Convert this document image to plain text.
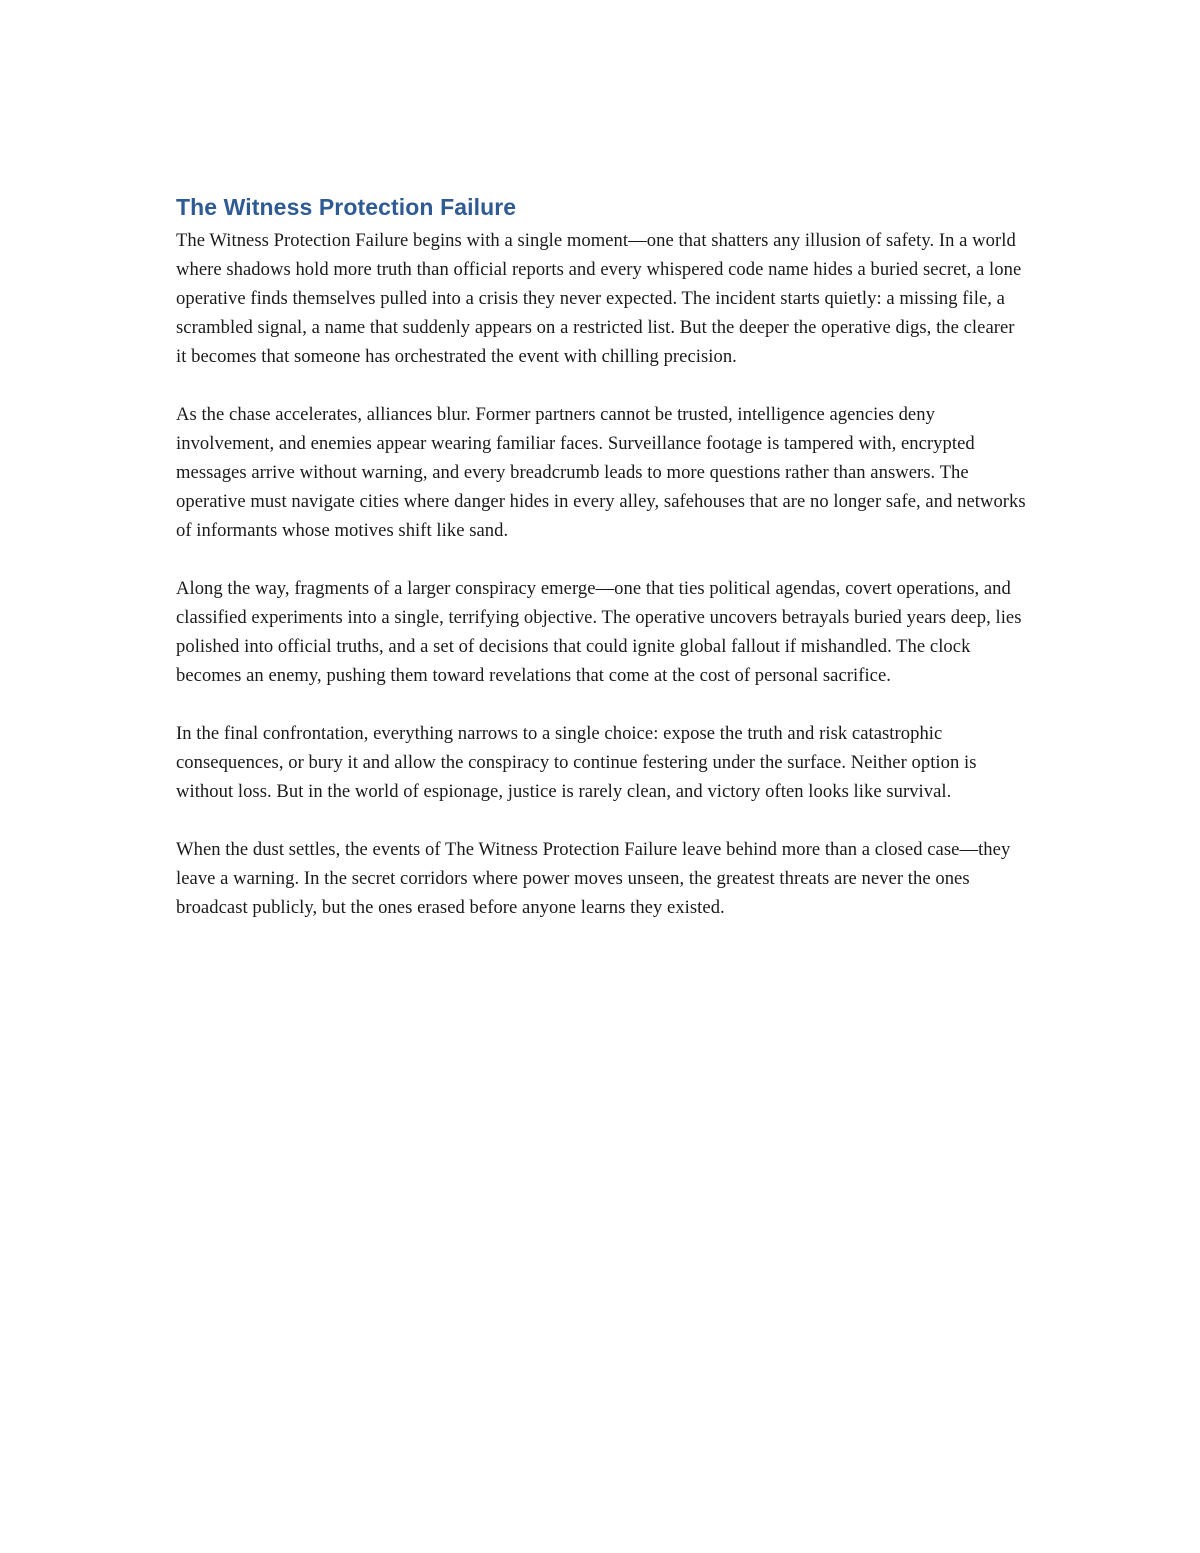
The Witness Protection Failure

The Witness Protection Failure begins with a single moment—one that shatters any illusion of safety. In a world where shadows hold more truth than official reports and every whispered code name hides a buried secret, a lone operative finds themselves pulled into a crisis they never expected. The incident starts quietly: a missing file, a scrambled signal, a name that suddenly appears on a restricted list. But the deeper the operative digs, the clearer it becomes that someone has orchestrated the event with chilling precision.

As the chase accelerates, alliances blur. Former partners cannot be trusted, intelligence agencies deny involvement, and enemies appear wearing familiar faces. Surveillance footage is tampered with, encrypted messages arrive without warning, and every breadcrumb leads to more questions rather than answers. The operative must navigate cities where danger hides in every alley, safehouses that are no longer safe, and networks of informants whose motives shift like sand.

Along the way, fragments of a larger conspiracy emerge—one that ties political agendas, covert operations, and classified experiments into a single, terrifying objective. The operative uncovers betrayals buried years deep, lies polished into official truths, and a set of decisions that could ignite global fallout if mishandled. The clock becomes an enemy, pushing them toward revelations that come at the cost of personal sacrifice.

In the final confrontation, everything narrows to a single choice: expose the truth and risk catastrophic consequences, or bury it and allow the conspiracy to continue festering under the surface. Neither option is without loss. But in the world of espionage, justice is rarely clean, and victory often looks like survival.

When the dust settles, the events of The Witness Protection Failure leave behind more than a closed case—they leave a warning. In the secret corridors where power moves unseen, the greatest threats are never the ones broadcast publicly, but the ones erased before anyone learns they existed.
